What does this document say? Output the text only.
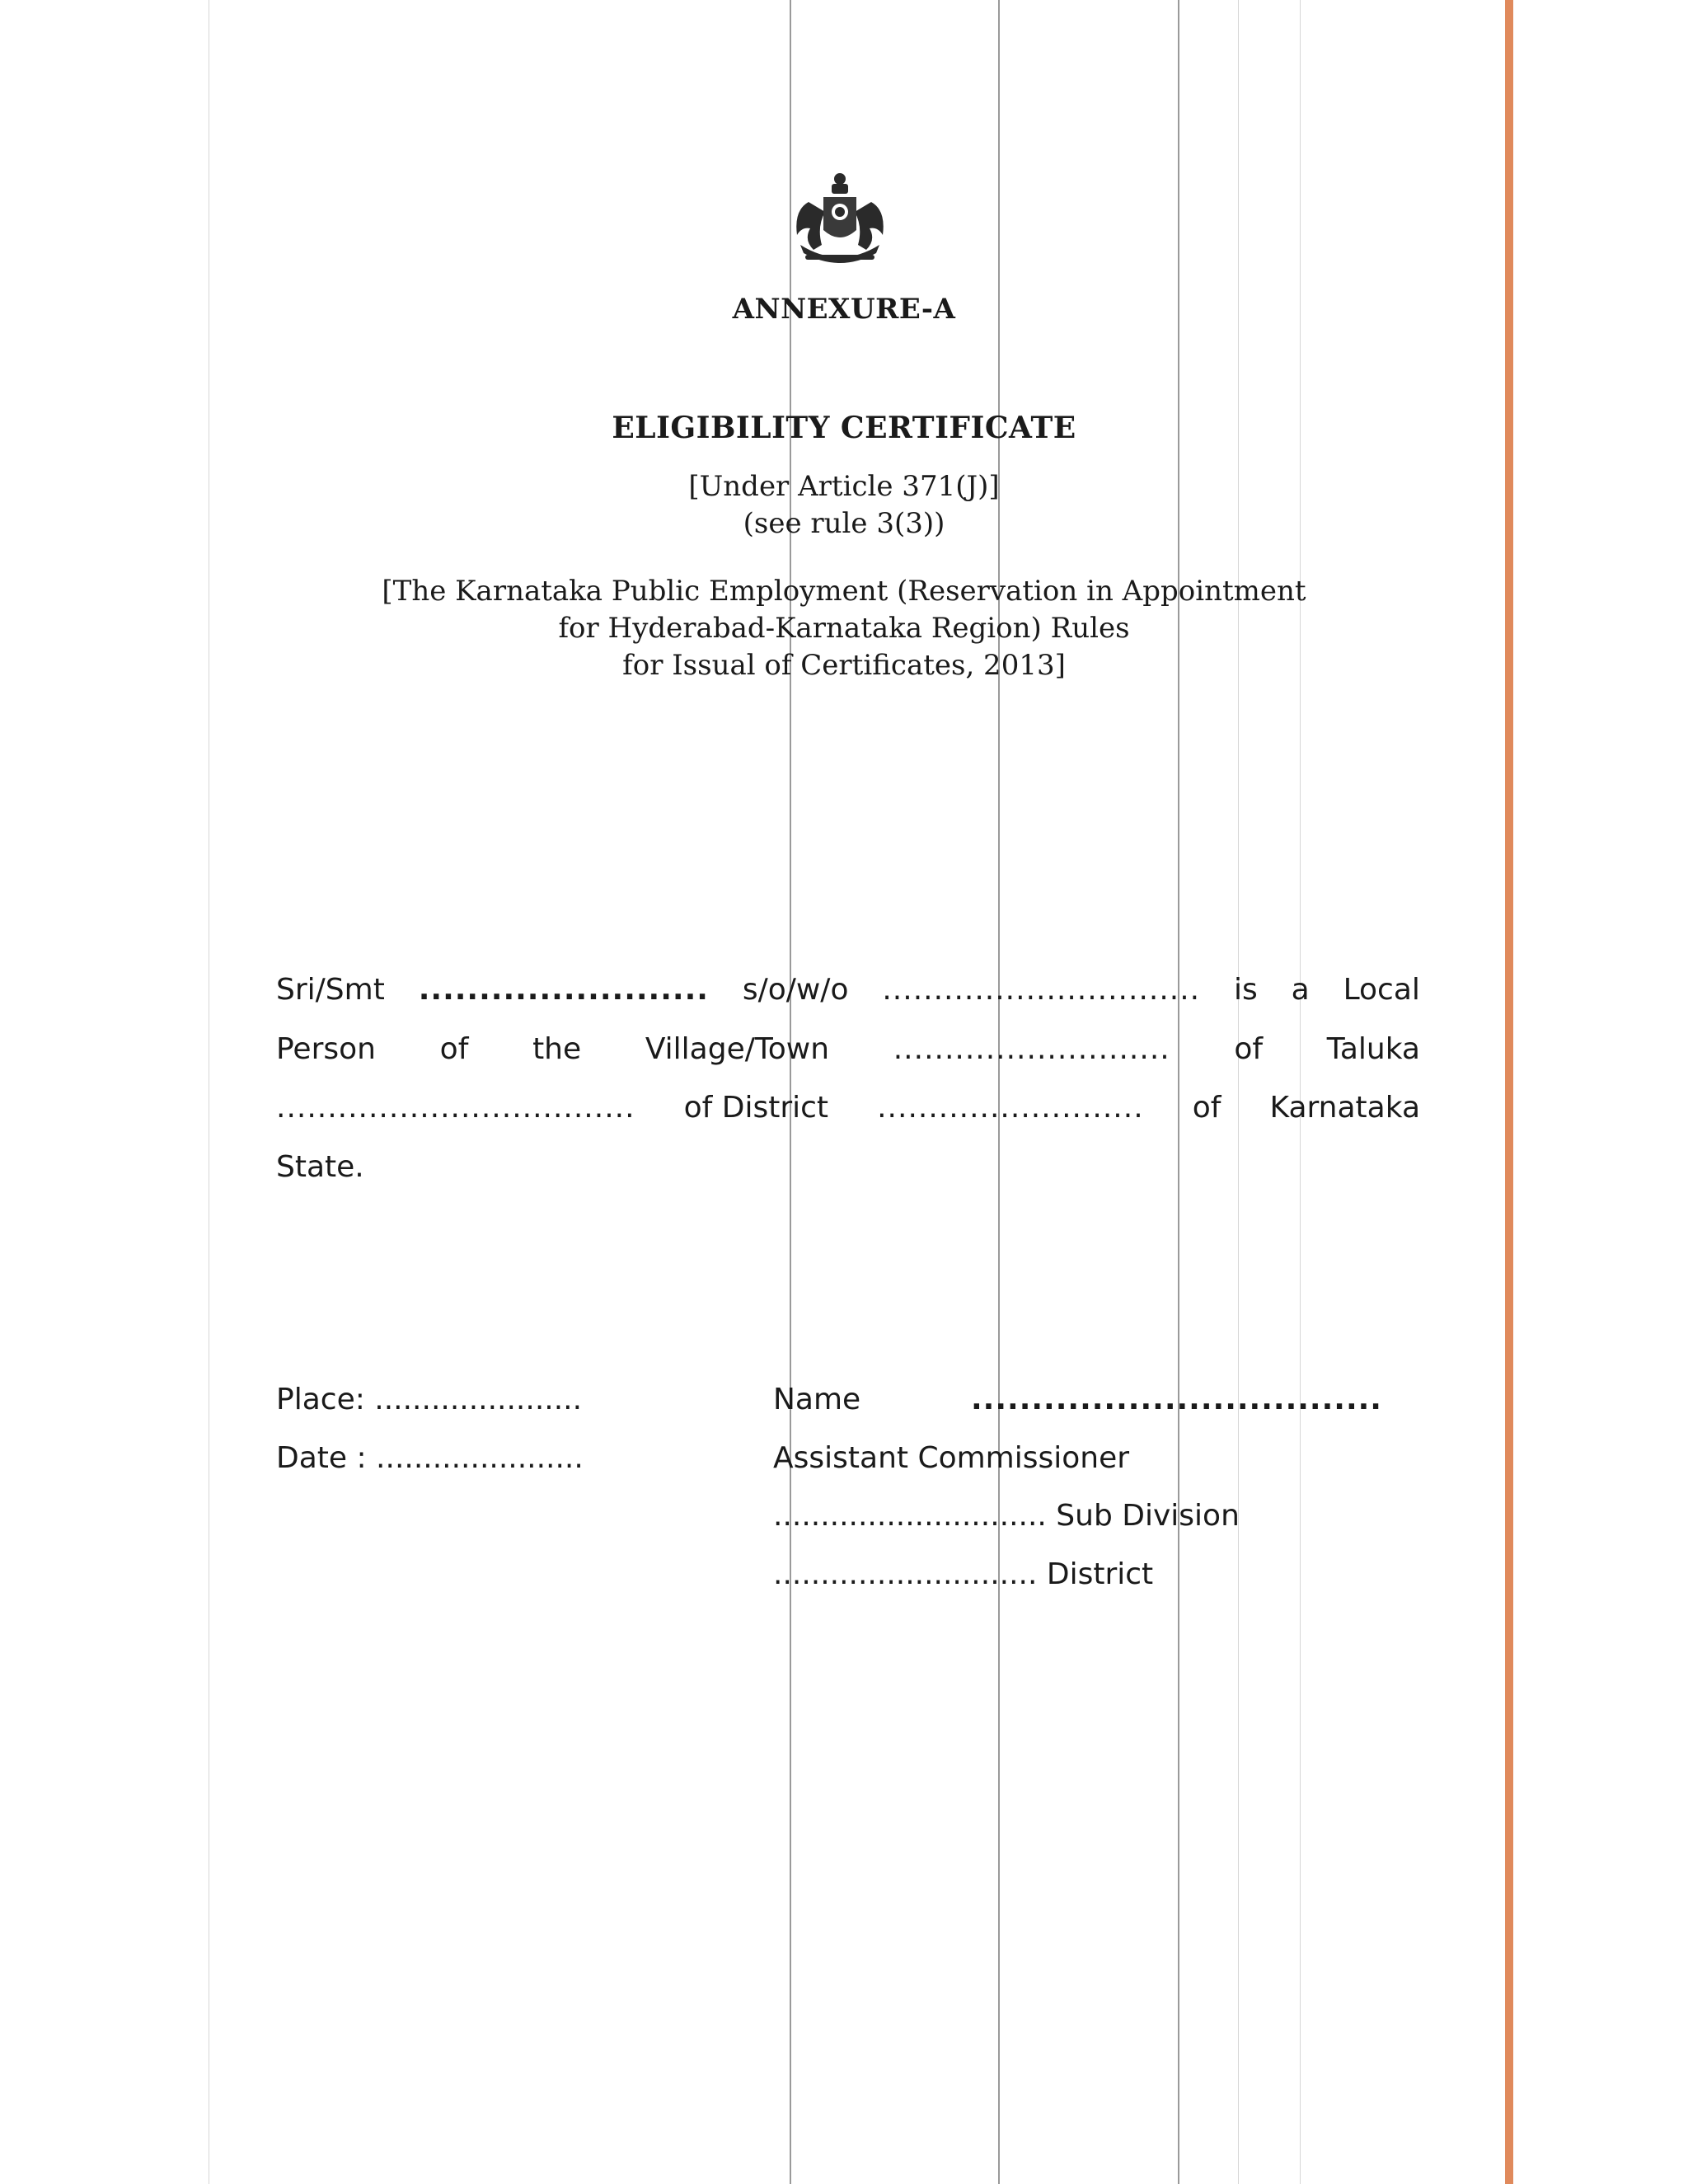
ANNEXURE-A
ELIGIBILITY CERTIFICATE
[Under Article 371(J)]
(see rule 3(3))
[The Karnataka Public Employment (Reservation in Appointment
for Hyderabad-Karnataka Region) Rules
for Issual of Certificates, 2013]
Sri/Smt ........................ s/o/w/o ............................... is a Local
Person of the Village/Town ........................... of Taluka
................................... of District .......................... of Karnataka
State.
Place: ......................
Date : ......................
Name	..................................
Assistant Commissioner
............................. Sub Division
............................ District
